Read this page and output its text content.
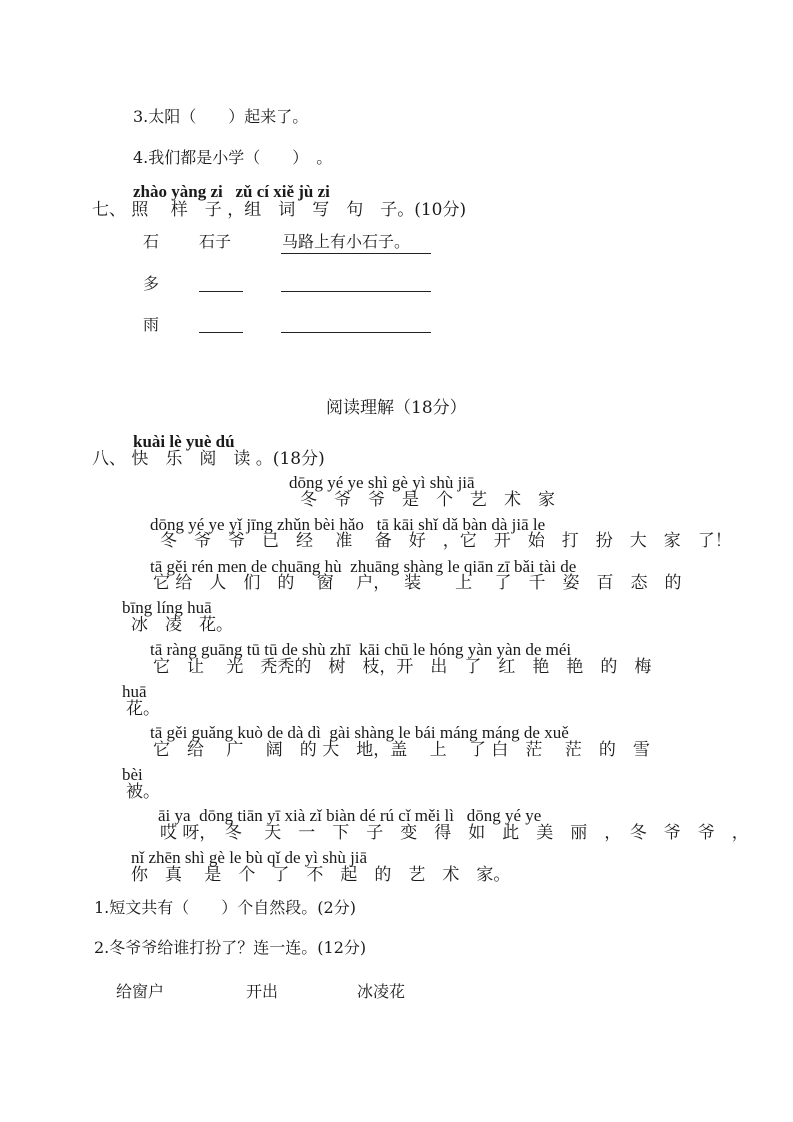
3.太阳（　　）起来了。
4.我们都是小学（　　）　。
zhào yàng zi   zǔ cí xiě jù zi
七、 照　 样　子 ，组　词　写　句　子。(10分)
石 石子	马路上有小石子。
多
雨
阅读理解（18分）
kuài lè yuè dú
八、 快　乐　阅　读 。(18分)
dōng yé ye shì gè yì shù jiā
冬　爷　爷　是　个　艺　术　家
dōng yé ye yǐ jīng zhǔn bèi hǎo   tā kāi shǐ dǎ bàn dà jiā le
冬　爷　爷　已　经　 准　 备　好　，它　开　始　打　扮　大　家　了！
tā gěi rén men de chuāng hù  zhuāng shàng le qiān zī bǎi tài de
它 给　人　们　的　 窗　 户，　 装　　上　 了　千　姿　百　态　的
bīng líng huā
冰　凌　花。
tā ràng guāng tū tū de shù zhī  kāi chū le hóng yàn yàn de méi
它　让　 光　秃秃的　树　枝，开　出　了　红　艳　艳　的　梅
huā
花。
tā gěi guǎng kuò de dà dì  gài shàng le bái máng máng de xuě
它　给　 广　 阔　的 大　地，盖　 上　 了 白　茫　 茫　的　雪
bèi
被。
āi ya  dōng tiān yī xià zǐ biàn dé rú cǐ měi lì   dōng yé ye
哎 呀，　冬　 天　一　下　子　变　得　如　此　美　丽　，　冬　爷　爷　，
nǐ zhēn shì gè le bù qǐ de yì shù jiā
你　真　 是　个　了　不　起　的　艺　术　家。
1.短文共有（　　）个自然段。(2分)
2.冬爷爷给谁打扮了？连一连。(12分)
给窗户	开出	冰凌花
